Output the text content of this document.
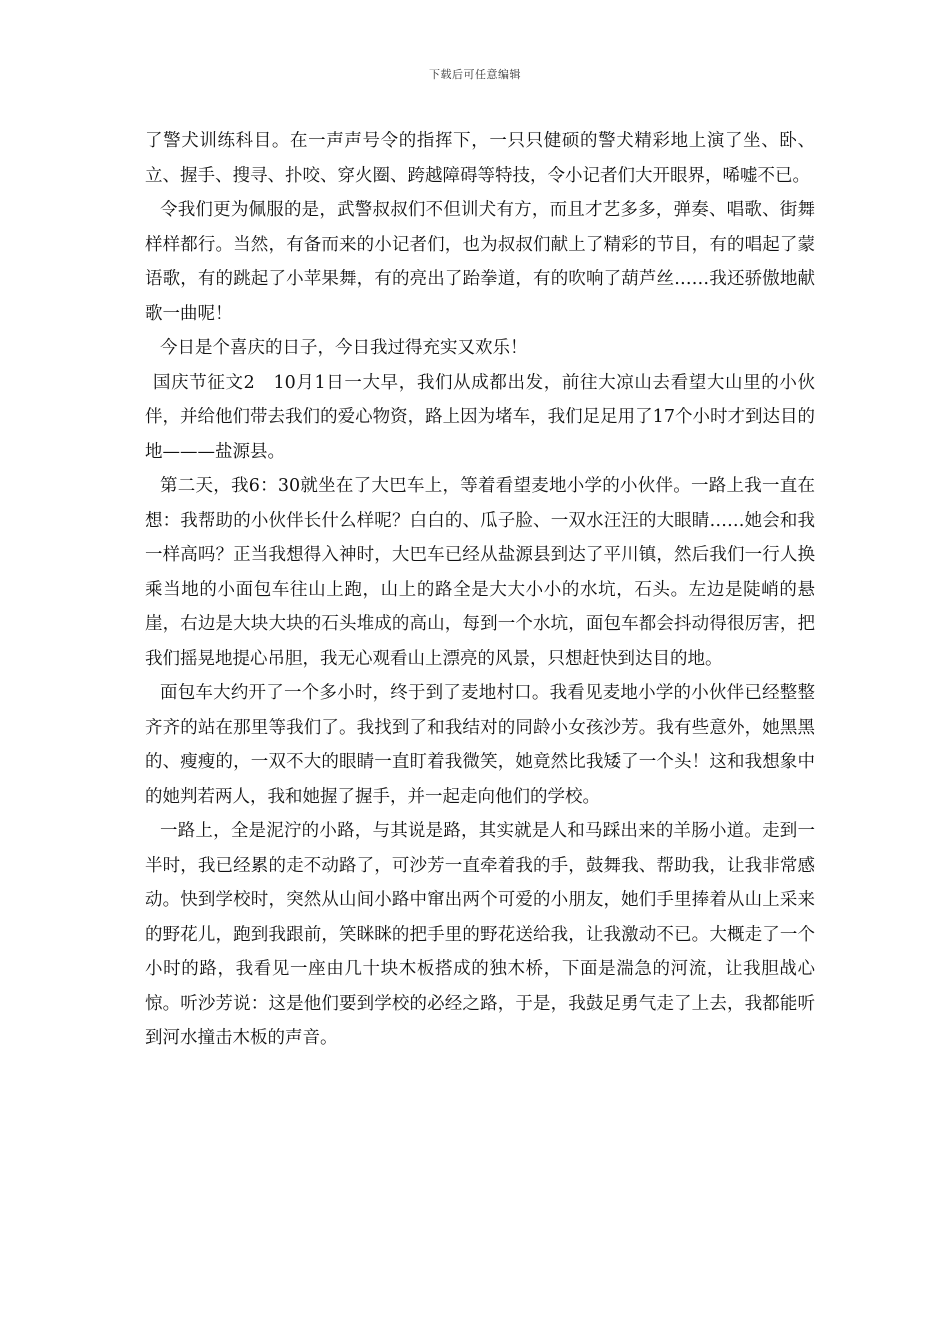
下载后可任意编辑

了警犬训练科目。在一声声号令的指挥下，一只只健硕的警犬精彩地上演了坐、卧、立、握手、搜寻、扑咬、穿火圈、跨越障碍等特技，令小记者们大开眼界，唏嘘不已。

令我们更为佩服的是，武警叔叔们不但训犬有方，而且才艺多多，弹奏、唱歌、街舞样样都行。当然，有备而来的小记者们，也为叔叔们献上了精彩的节目，有的唱起了蒙语歌，有的跳起了小苹果舞，有的亮出了跆拳道，有的吹响了葫芦丝……我还骄傲地献歌一曲呢！

今日是个喜庆的日子，今日我过得充实又欢乐！

国庆节征文2　10月1日一大早，我们从成都出发，前往大凉山去看望大山里的小伙伴，并给他们带去我们的爱心物资，路上因为堵车，我们足足用了17个小时才到达目的地———盐源县。

第二天，我6：30就坐在了大巴车上，等着看望麦地小学的小伙伴。一路上我一直在想：我帮助的小伙伴长什么样呢？白白的、瓜子脸、一双水汪汪的大眼睛……她会和我一样高吗？正当我想得入神时，大巴车已经从盐源县到达了平川镇，然后我们一行人换乘当地的小面包车往山上跑，山上的路全是大大小小的水坑，石头。左边是陡峭的悬崖，右边是大块大块的石头堆成的高山，每到一个水坑，面包车都会抖动得很厉害，把我们摇晃地提心吊胆，我无心观看山上漂亮的风景，只想赶快到达目的地。

面包车大约开了一个多小时，终于到了麦地村口。我看见麦地小学的小伙伴已经整整齐齐的站在那里等我们了。我找到了和我结对的同龄小女孩沙芳。我有些意外，她黑黑的、瘦瘦的，一双不大的眼睛一直盯着我微笑，她竟然比我矮了一个头！这和我想象中的她判若两人，我和她握了握手，并一起走向他们的学校。

一路上，全是泥泞的小路，与其说是路，其实就是人和马踩出来的羊肠小道。走到一半时，我已经累的走不动路了，可沙芳一直牵着我的手，鼓舞我、帮助我，让我非常感动。快到学校时，突然从山间小路中窜出两个可爱的小朋友，她们手里捧着从山上采来的野花儿，跑到我跟前，笑眯眯的把手里的野花送给我，让我激动不已。大概走了一个小时的路，我看见一座由几十块木板搭成的独木桥，下面是湍急的河流，让我胆战心惊。听沙芳说：这是他们要到学校的必经之路，于是，我鼓足勇气走了上去，我都能听到河水撞击木板的声音。
